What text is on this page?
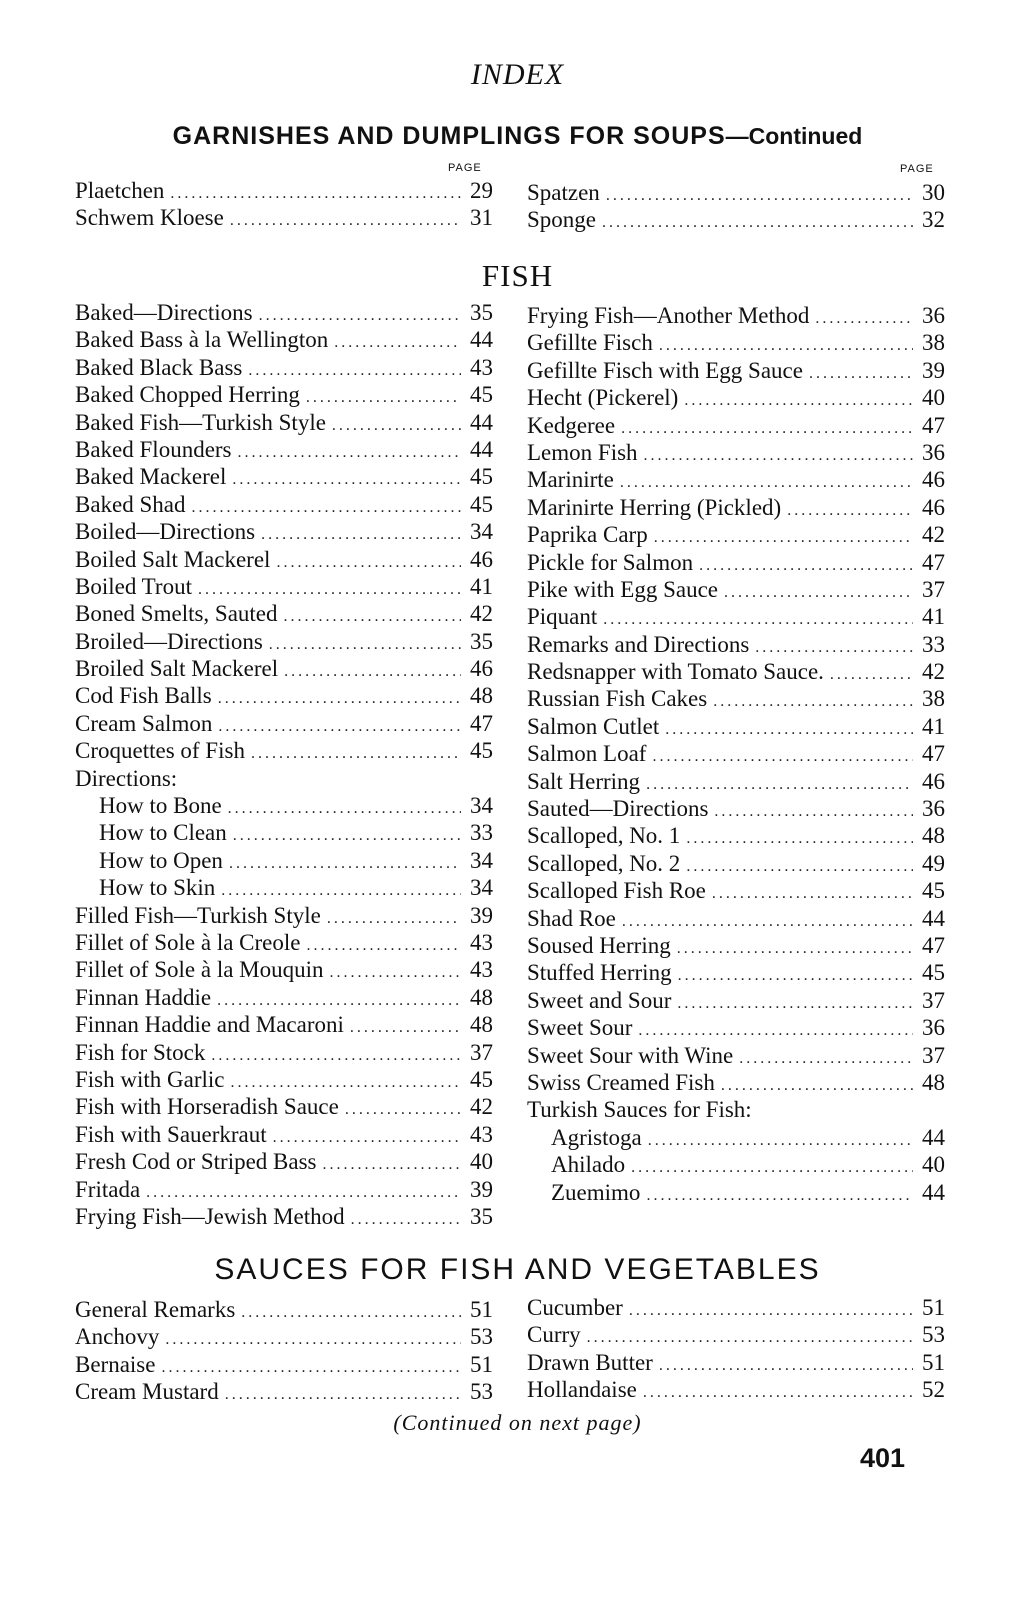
INDEX
GARNISHES AND DUMPLINGS FOR SOUPS—Continued
PAGE	PAGE
Plaetchen .....	29
Schwem Kloese .....	31
Spatzen .....	30
Sponge .....	32
FISH
Baked—Directions .....	35
Baked Bass à la Wellington .....	44
Baked Black Bass .....	43
Baked Chopped Herring .....	45
Baked Fish—Turkish Style .....	44
Baked Flounders .....	44
Baked Mackerel .....	45
Baked Shad .....	45
Boiled—Directions .....	34
Boiled Salt Mackerel .....	46
Boiled Trout .....	41
Boned Smelts, Sauted .....	42
Broiled—Directions .....	35
Broiled Salt Mackerel .....	46
Cod Fish Balls .....	48
Cream Salmon .....	47
Croquettes of Fish .....	45
Directions:
How to Bone .....	34
How to Clean .....	33
How to Open .....	34
How to Skin .....	34
Filled Fish—Turkish Style .....	39
Fillet of Sole à la Creole .....	43
Fillet of Sole à la Mouquin .....	43
Finnan Haddie .....	48
Finnan Haddie and Macaroni .....	48
Fish for Stock .....	37
Fish with Garlic .....	45
Fish with Horseradish Sauce .....	42
Fish with Sauerkraut .....	43
Fresh Cod or Striped Bass .....	40
Fritada .....	39
Frying Fish—Jewish Method .....	35
Frying Fish—Another Method .....	36
Gefillte Fisch .....	38
Gefillte Fisch with Egg Sauce .....	39
Hecht (Pickerel) .....	40
Kedgeree .....	47
Lemon Fish .....	36
Marinirte .....	46
Marinirte Herring (Pickled) .....	46
Paprika Carp .....	42
Pickle for Salmon .....	47
Pike with Egg Sauce .....	37
Piquant .....	41
Remarks and Directions .....	33
Redsnapper with Tomato Sauce. .....	42
Russian Fish Cakes .....	38
Salmon Cutlet .....	41
Salmon Loaf .....	47
Salt Herring .....	46
Sauted—Directions .....	36
Scalloped, No. 1 .....	48
Scalloped, No. 2 .....	49
Scalloped Fish Roe .....	45
Shad Roe .....	44
Soused Herring .....	47
Stuffed Herring .....	45
Sweet and Sour .....	37
Sweet Sour .....	36
Sweet Sour with Wine .....	37
Swiss Creamed Fish .....	48
Turkish Sauces for Fish:
Agristoga .....	44
Ahilado .....	40
Zuemimo .....	44
SAUCES FOR FISH AND VEGETABLES
General Remarks .....	51
Anchovy .....	53
Bernaise .....	51
Cream Mustard .....	53
Cucumber .....	51
Curry .....	53
Drawn Butter .....	51
Hollandaise .....	52
(Continued on next page)
401
